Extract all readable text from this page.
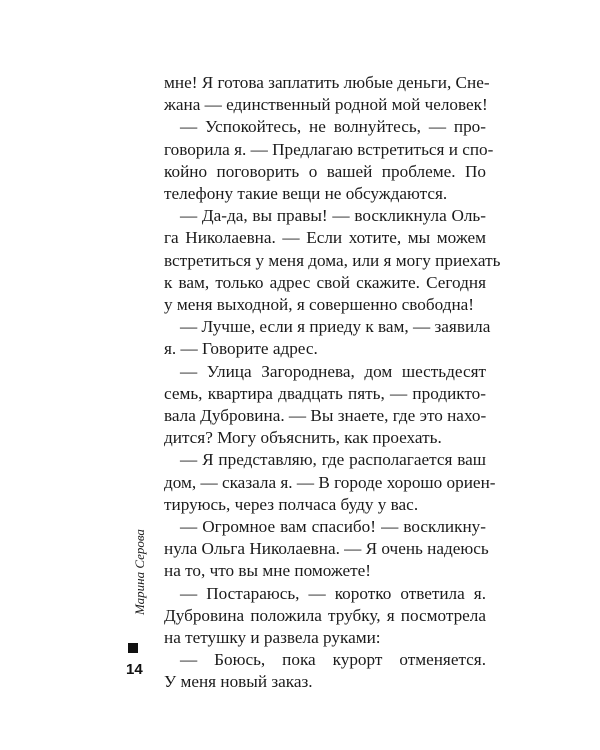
мне! Я готова заплатить любые деньги, Сне-
жана — единственный родной мой человек!
— Успокойтесь, не волнуйтесь, — про-
говорила я. — Предлагаю встретиться и спо-
койно поговорить о вашей проблеме. По
телефону такие вещи не обсуждаются.
— Да-да, вы правы! — воскликнула Оль-
га Николаевна. — Если хотите, мы можем
встретиться у меня дома, или я могу приехать
к вам, только адрес свой скажите. Сегодня
у меня выходной, я совершенно свободна!
— Лучше, если я приеду к вам, — заявила
я. — Говорите адрес.
— Улица Загороднева, дом шестьдесят
семь, квартира двадцать пять, — продикто-
вала Дубровина. — Вы знаете, где это нахо-
дится? Могу объяснить, как проехать.
— Я представляю, где располагается ваш
дом, — сказала я. — В городе хорошо ориен-
тируюсь, через полчаса буду у вас.
— Огромное вам спасибо! — воскликну-
нула Ольга Николаевна. — Я очень надеюсь
на то, что вы мне поможете!
— Постараюсь, — коротко ответила я.
Дубровина положила трубку, я посмотрела
на тетушку и развела руками:
— Боюсь, пока курорт отменяется.
У меня новый заказ.
Марина Серова
14
